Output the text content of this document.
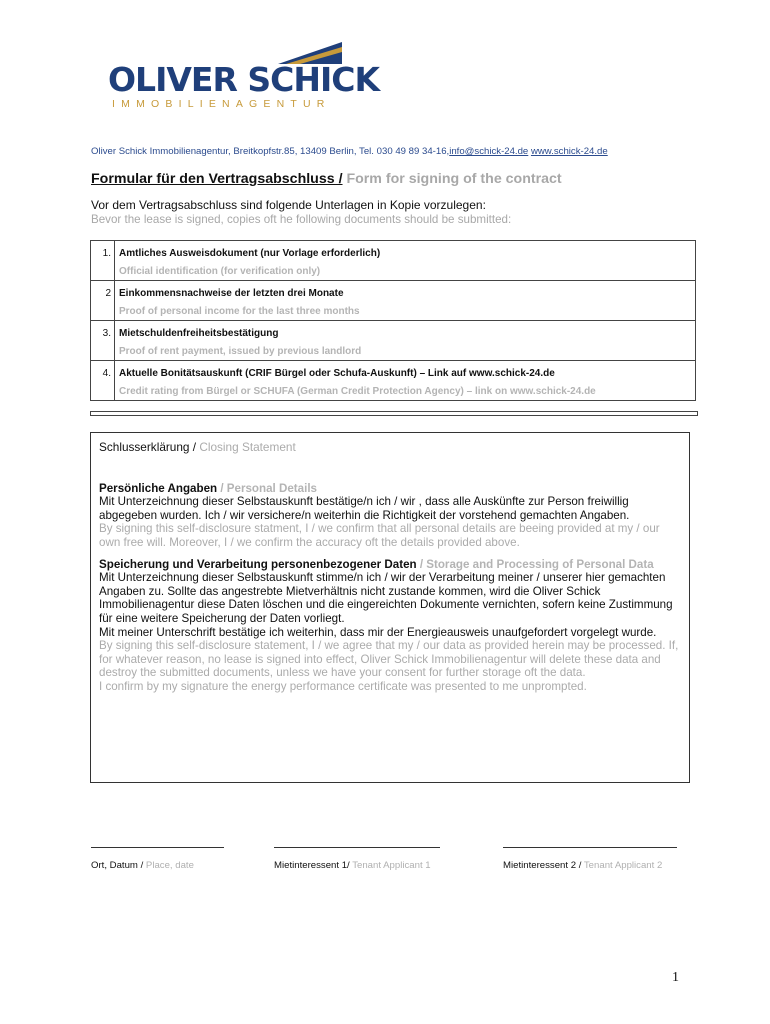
OLIVER SCHICK
IMMOBILIENAGENTUR
Oliver Schick Immobilienagentur, Breitkopfstr.85, 13409 Berlin, Tel. 030 49 89 34-16,info@schick-24.de www.schick-24.de
Formular für den Vertragsabschluss / Form for signing of the contract
Vor dem Vertragsabschluss sind folgende Unterlagen in Kopie vorzulegen:
Bevor the lease is signed, copies oft he following documents should be submitted:
1.	Amtliches Ausweisdokument (nur Vorlage erforderlich)
Official identification (for verification only)

2	Einkommensnachweise der letzten drei Monate
Proof of personal income for the last three months

3.	Mietschuldenfreiheitsbestätigung
Proof of rent payment, issued by previous landlord

4.	Aktuelle Bonitätsauskunft (CRIF Bürgel oder Schufa-Auskunft) – Link auf www.schick-24.de
Credit rating from Bürgel or SCHUFA (German Credit Protection Agency) – link on www.schick-24.de
Schlusserklärung / Closing Statement
Persönliche Angaben / Personal Details
Mit Unterzeichnung dieser Selbstauskunft bestätige/n ich / wir , dass alle Auskünfte zur Person freiwillig abgegeben wurden. Ich / wir versichere/n weiterhin die Richtigkeit der vorstehend gemachten Angaben.
By signing this self-disclosure statment, I / we confirm that all personal details are beeing provided at my / our own free will. Moreover, I / we confirm the accuracy oft the details provided above.
Speicherung und Verarbeitung personenbezogener Daten / Storage and Processing of Personal Data
Mit Unterzeichnung dieser Selbstauskunft stimme/n ich / wir der Verarbeitung meiner / unserer hier gemachten Angaben zu. Sollte das angestrebte Mietverhältnis nicht zustande kommen, wird die Oliver Schick Immobilienagentur diese Daten löschen und die eingereichten Dokumente vernichten, sofern keine Zustimmung für eine weitere Speicherung der Daten vorliegt.
Mit meiner Unterschrift bestätige ich weiterhin, dass mir der Energieausweis unaufgefordert vorgelegt wurde.
By signing this self-disclosure statement, I / we agree that my / our data as provided herein may be processed. If, for whatever reason, no lease is signed into effect, Oliver Schick Immobilienagentur will delete these data and destroy the submitted documents, unless we have your consent for further storage oft the data.
I confirm by my signature the energy performance certificate was presented to me unprompted.
Ort, Datum / Place, date	Mietinteressent 1/ Tenant Applicant 1	Mietinteressent 2 / Tenant Applicant 2
1
